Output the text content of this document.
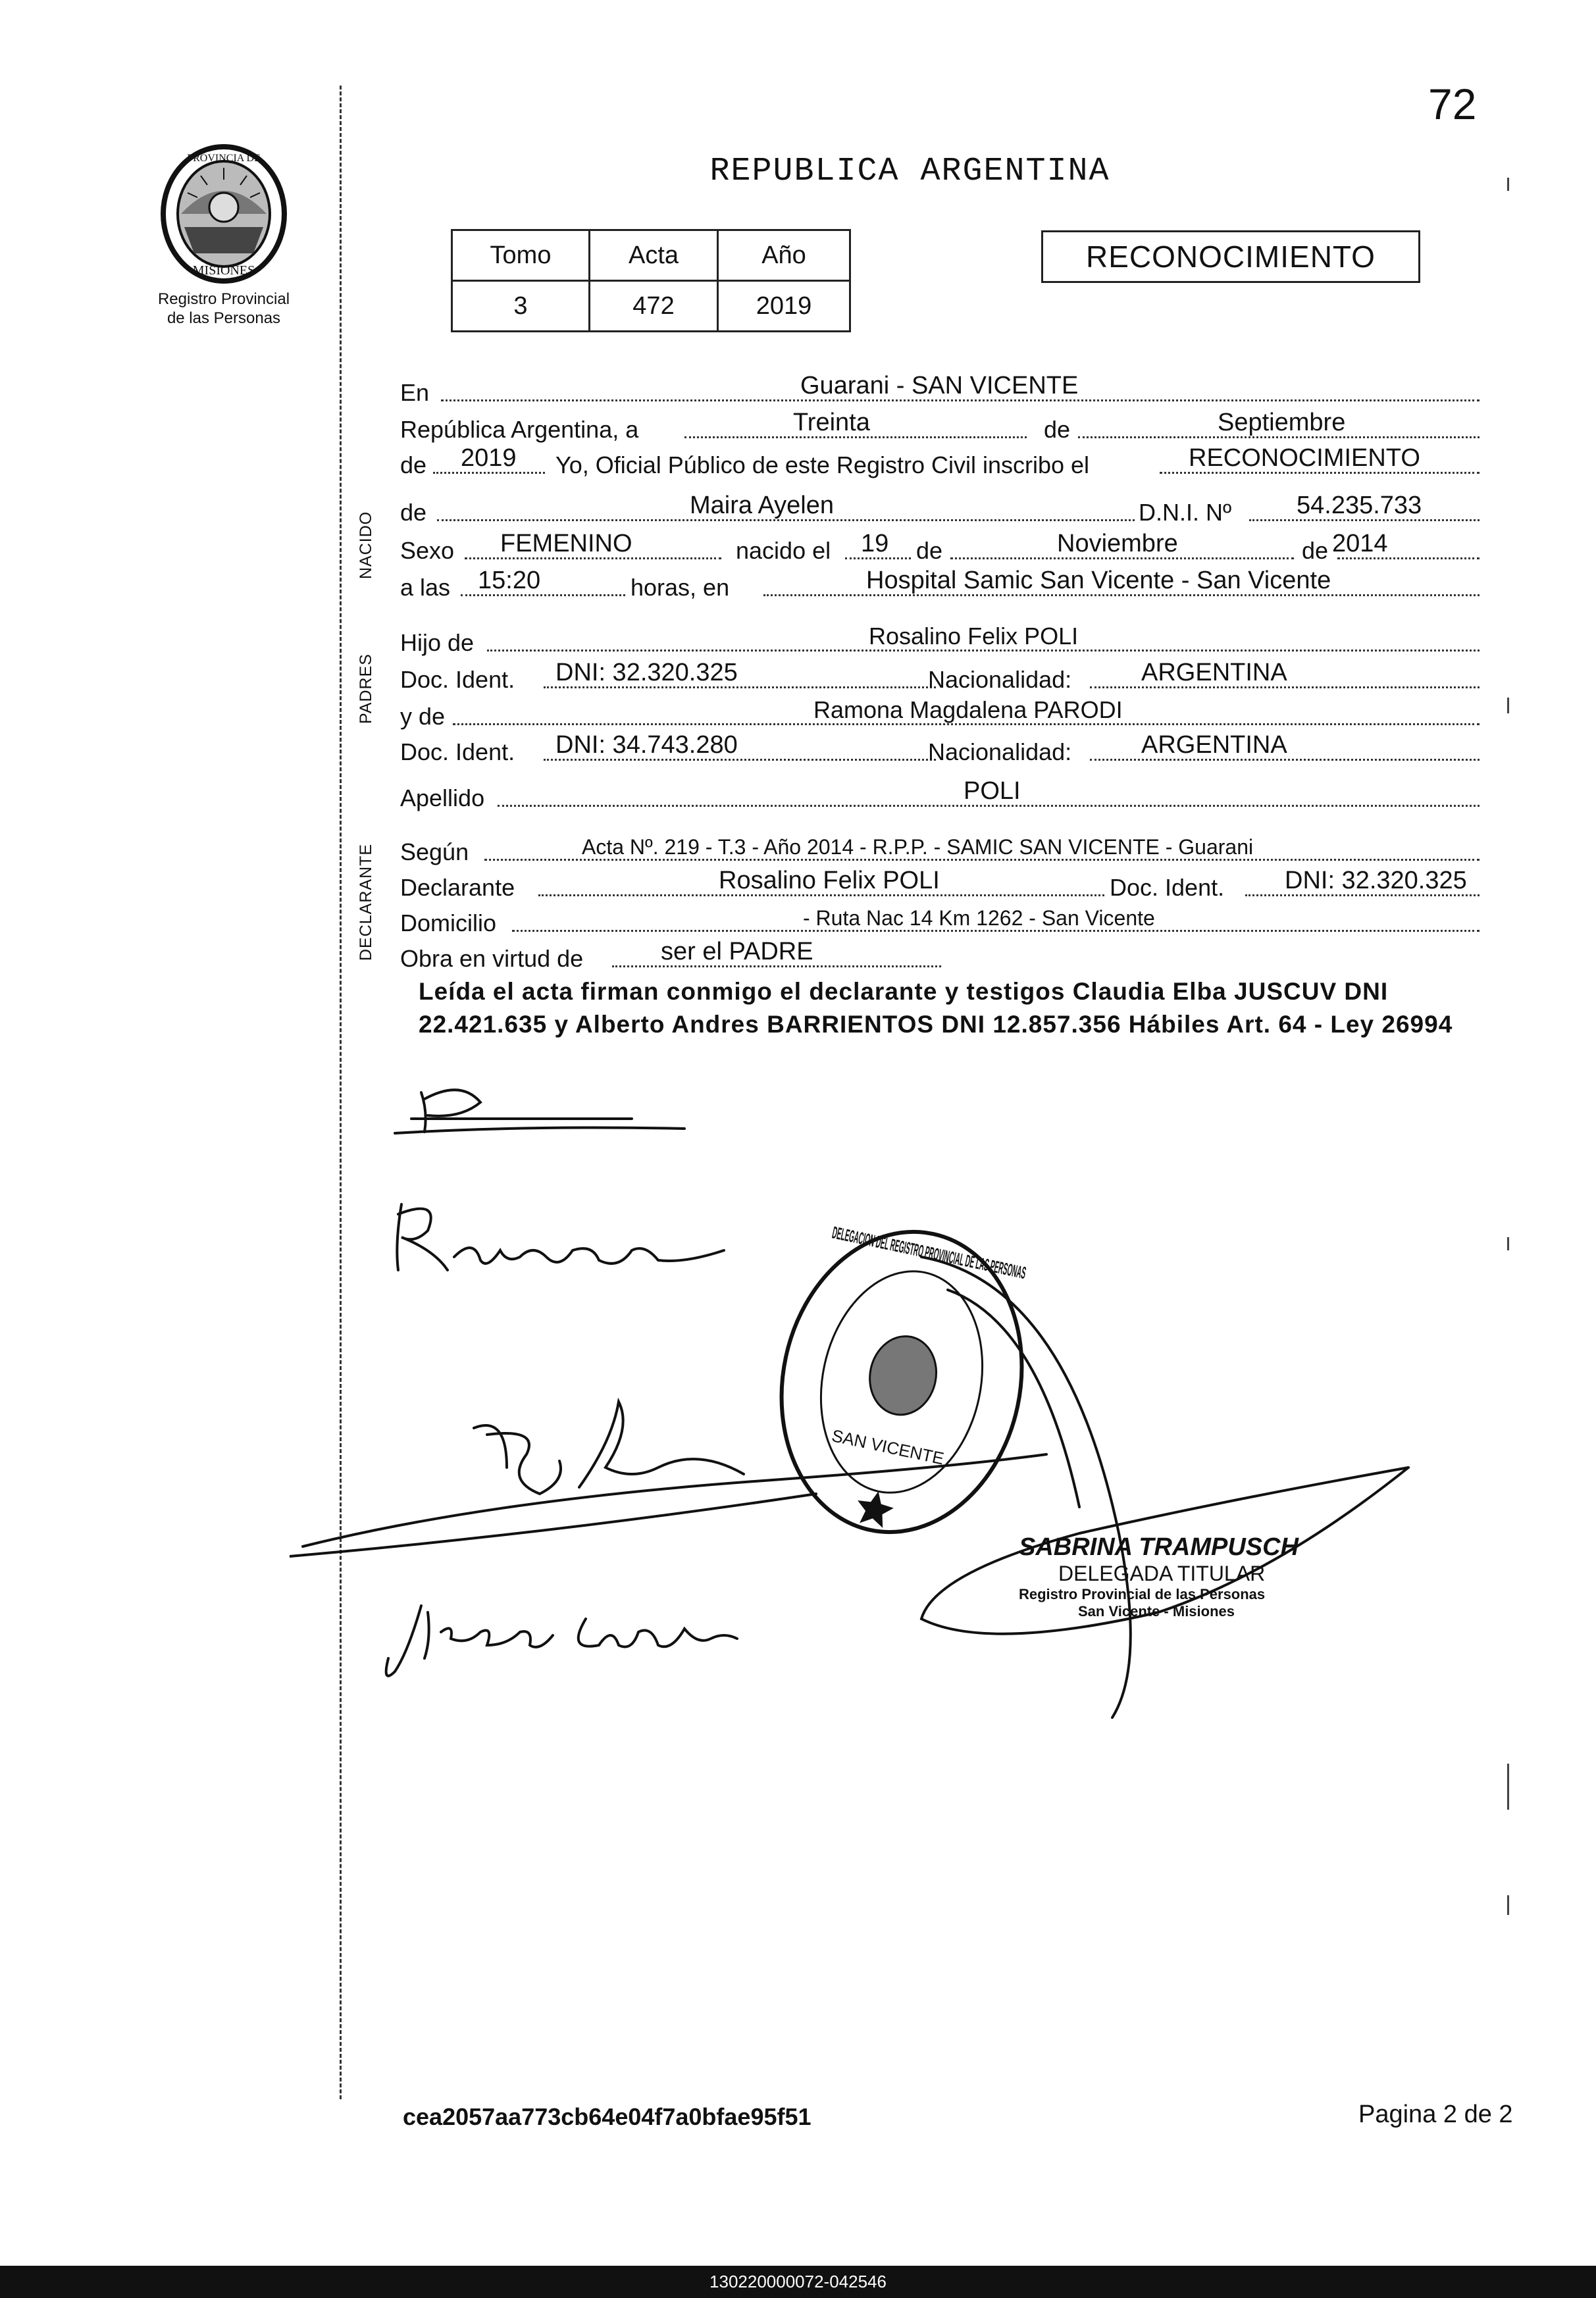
72
REPUBLICA ARGENTINA
PROVINCIA DE
MISIONES
Registro Provincial
de las Personas
Tomo	Acta	Año
3	472	2019
RECONOCIMIENTO
NACIDO
PADRES
DECLARANTE
En	Guarani - SAN VICENTE
República Argentina, a	Treinta	de	Septiembre
de 2019 Yo, Oficial Público de este Registro Civil inscribo el	RECONOCIMIENTO
de	Maira Ayelen	D.N.I. Nº	54.235.733
Sexo FEMENINO	nacido el 19 de	Noviembre	de 2014
a las 15:20	horas, en	Hospital Samic San Vicente - San Vicente
Hijo de	Rosalino Felix POLI
Doc. Ident. DNI: 32.320.325	Nacionalidad:	ARGENTINA
y de	Ramona Magdalena PARODI
Doc. Ident. DNI: 34.743.280	Nacionalidad:	ARGENTINA
Apellido	POLI
Según	Acta Nº. 219 - T.3 - Año 2014 - R.P.P. - SAMIC SAN VICENTE - Guarani
Declarante	Rosalino Felix POLI	Doc. Ident. DNI: 32.320.325
Domicilio	- Ruta Nac 14 Km 1262 - San Vicente
Obra en virtud de	ser el PADRE
Leída el acta firman conmigo el declarante y testigos Claudia Elba JUSCUV DNI 22.421.635 y Alberto Andres BARRIENTOS DNI 12.857.356 Hábiles Art. 64 - Ley 26994
DELEGACION DEL REGISTRO PROVINCIAL DE LAS PERSONAS
SAN VICENTE
SABRINA TRAMPUSCH
DELEGADA TITULAR
Registro Provincial de las Personas
San Vicente - Misiones
cea2057aa773cb64e04f7a0bfae95f51	Pagina 2 de 2
130220000072-042546
